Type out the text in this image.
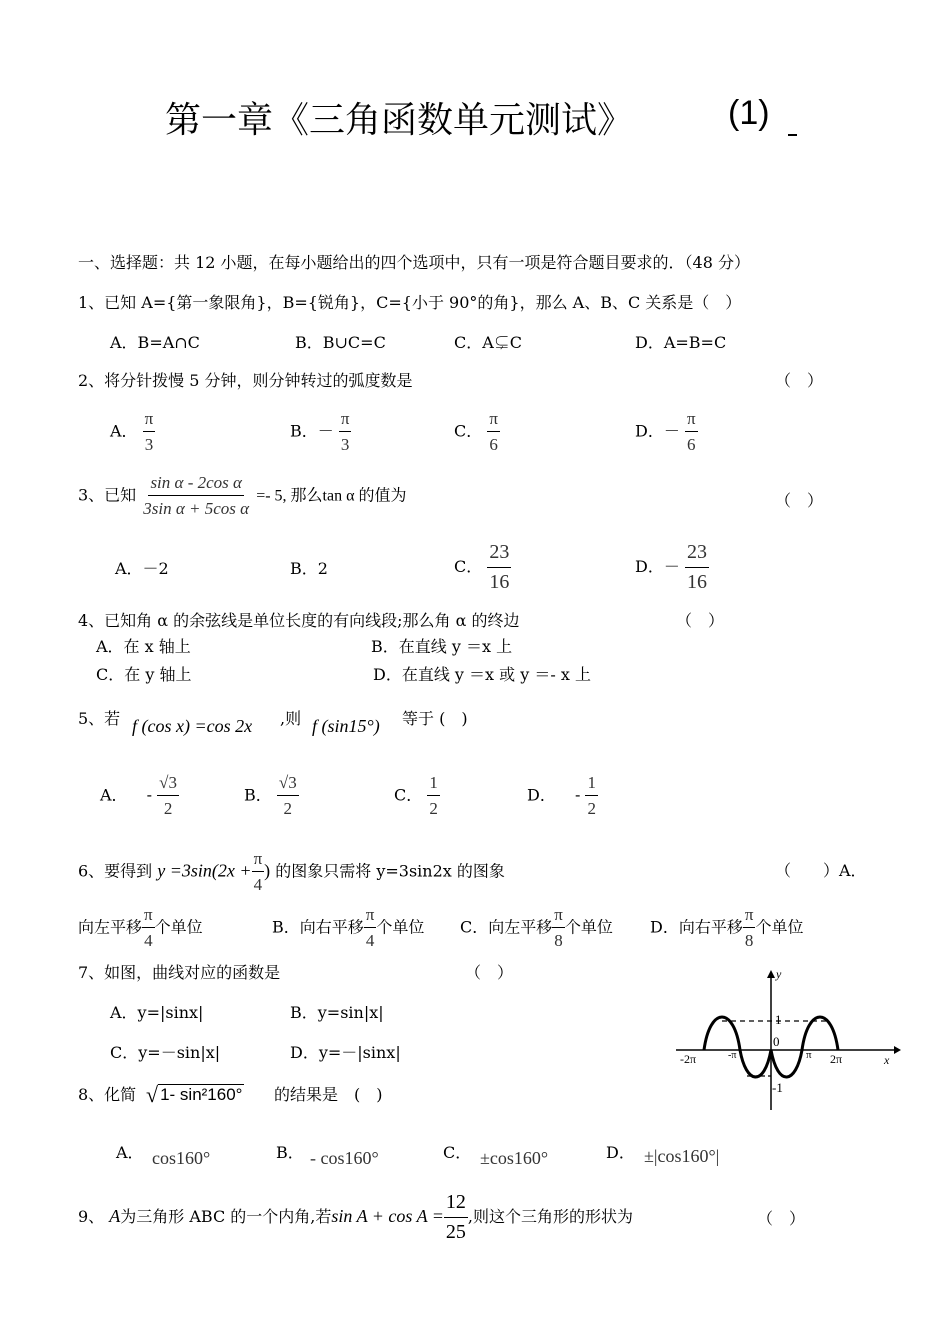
第一章《三角函数单元测试》	(1)
一、选择题：共 12 小题，在每小题给出的四个选项中，只有一项是符合题目要求的．（48 分）
1、已知 A={第一象限角}，B={锐角}，C={小于 90°的角}，那么 A、B、C 关系是（　）
A．B=A∩C	B．B∪C=C	C．A⊊C	D．A=B=C
2、将分针拨慢 5 分钟，则分钟转过的弧度数是	（　）
A． $\frac{\pi}{3}$	B．－ $\frac{\pi}{3}$	C． $\frac{\pi}{6}$	D．－ $\frac{\pi}{6}$
3、已知 $\frac{\text{sin α - 2cos α}}{\text{3sin α + 5cos α}} =- 5$, 那么tan α 的值为	（　）
A．－2	B．2	C． $\frac{23}{16}$	D．－ $\frac{23}{16}$
4、已知角 α 的余弦线是单位长度的有向线段;那么角 α 的终边	（　）
A．在 x 轴上	B．在直线 y ＝x 上
C．在 y 轴上	D．在直线 y ＝x 或 y ＝- x 上
5、若 f (cos x) =cos 2x ,则 f (sin15°) 等于 (　)
A． - $\frac{√3}{2}$	B． $\frac{√3}{2}$	C． $\frac{1}{2}$	D． - $\frac{1}{2}$
6、要得到 $y =3\sin(2x + \frac{\pi}{4}$ ) 的图象只需将 y=3sin2x 的图象	（　　）A．
向左平移 $\frac{\pi}{4}$ 个单位	B．向右平移 $\frac{\pi}{4}$ 个单位 C．向左平移 $\frac{\pi}{8}$ 个单位 D．向右平移 $\frac{\pi}{8}$ 个单位
7、如图，曲线对应的函数是	（　）
A．y=|sinx|	B．y=sin|x|
C．y=－sin|x|	D．y=－|sinx|
y
x
1
-1
0
-2π	-π	π 2π
8、化简 √ 1- sin²160° 的结果是　(　)
A． cos160°	B． - cos160°	C． ±cos160°	D． ±|cos160°|
9、 A为三角形 ABC 的一个内角,若$\sin A + \cos A = \frac{12}{25}$ ,则这个三角形的形状为	（　）
